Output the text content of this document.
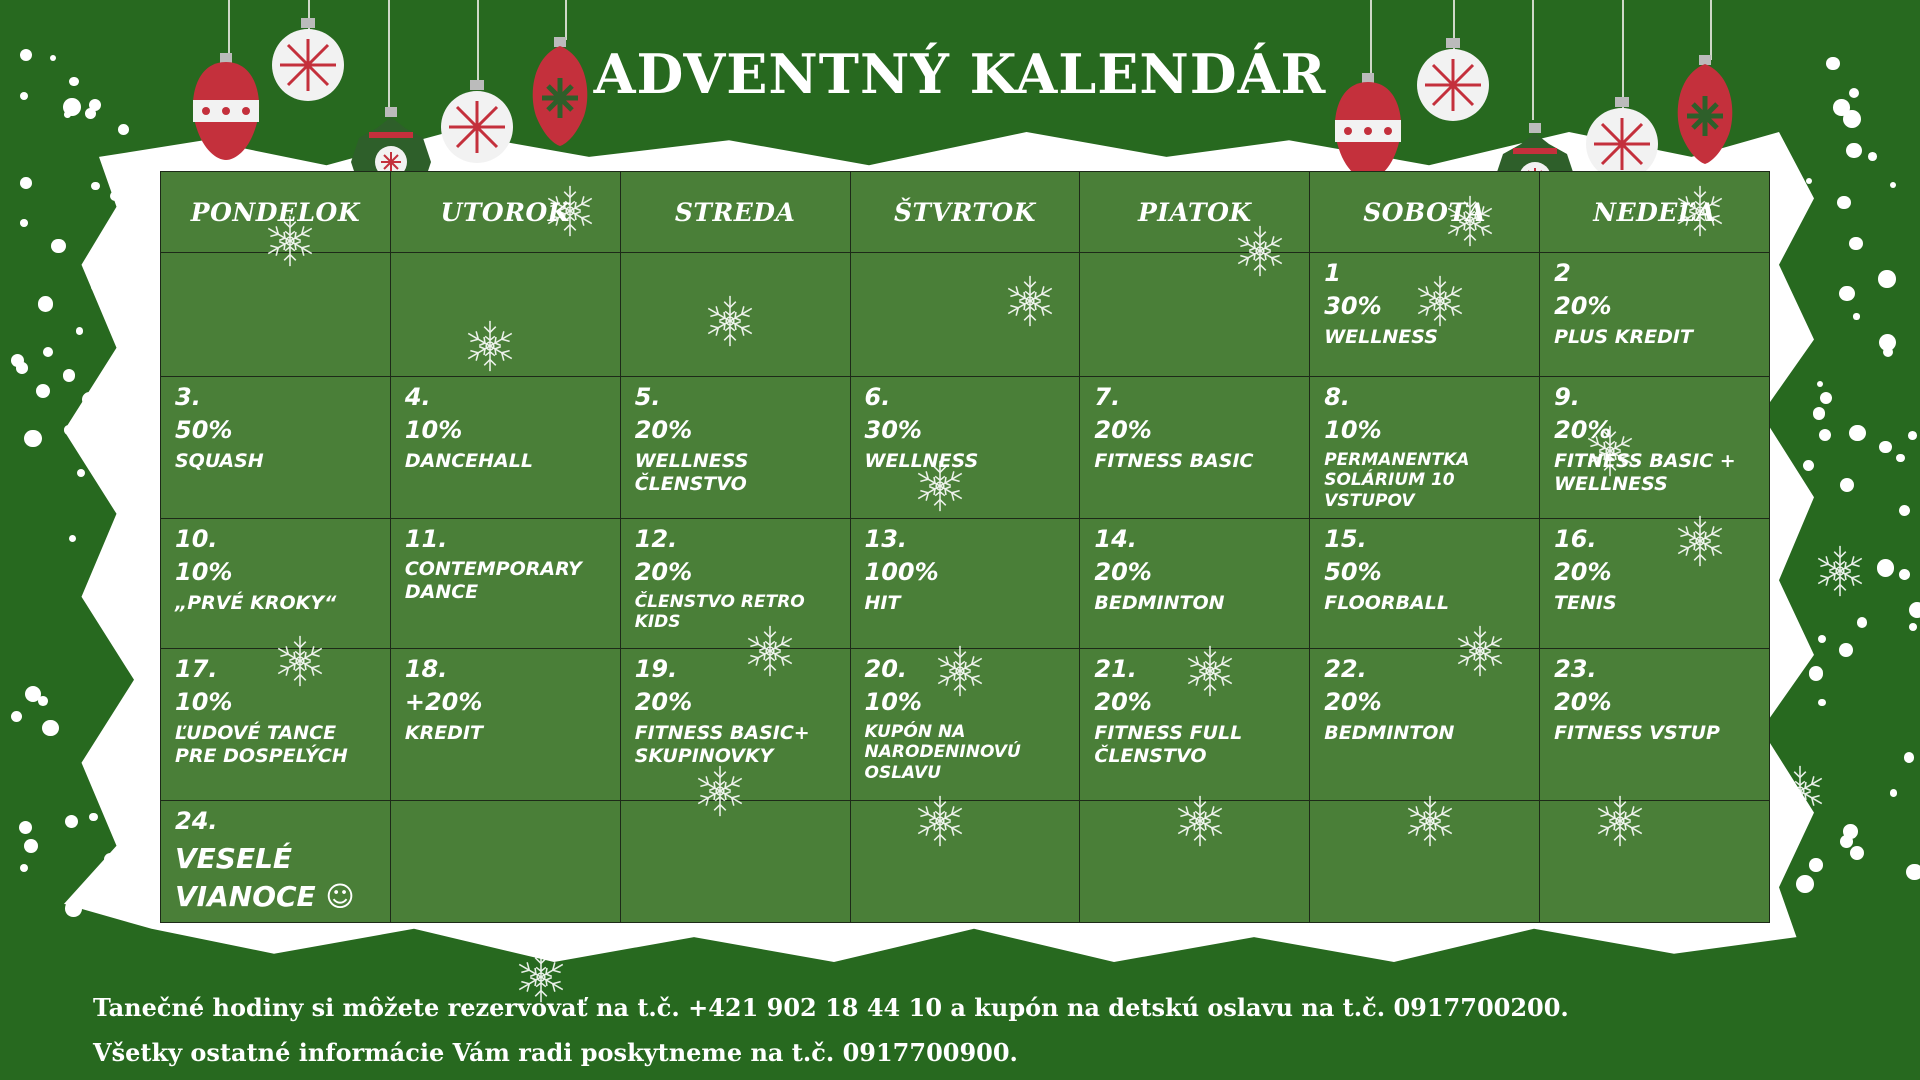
ADVENTNÝ KALENDÁR
PONDELOK	UTOROK	STREDA	ŠTVRTOK	PIATOK	SOBOTA	NEDEĽA

					1
30%
WELLNESS	2
20%
PLUS KREDIT

3.
50%
SQUASH	4.
10%
DANCEHALL	5.
20%
WELLNESS ČLENSTVO	6.
30%
WELLNESS	7.
20%
FITNESS BASIC	8.
10%
PERMANENTKA SOLÁRIUM 10 VSTUPOV	9.
20%
FITNESS BASIC + WELLNESS

10.
10%
„PRVÉ KROKY“	11.
CONTEMPORARY DANCE	12.
20%
ČLENSTVO RETRO KIDS	13.
100%
HIT	14.
20%
BEDMINTON	15.
50%
FLOORBALL	16.
20%
TENIS

17.
10%
ĽUDOVÉ TANCE PRE DOSPELÝCH	18.
+20%
KREDIT	19.
20%
FITNESS BASIC+ SKUPINOVKY	20.
10%
KUPÓN NA NARODENINOVÚ OSLAVU	21.
20%
FITNESS FULL ČLENSTVO	22.
20%
BEDMINTON	23.
20%
FITNESS VSTUP

24.
VESELÉ VIANOCE ☺						

Tanečné hodiny si môžete rezervovať na t.č. +421 902 18 44 10 a kupón na detskú oslavu na t.č. 0917700200.
Všetky ostatné informácie Vám radi poskytneme na t.č. 0917700900.
